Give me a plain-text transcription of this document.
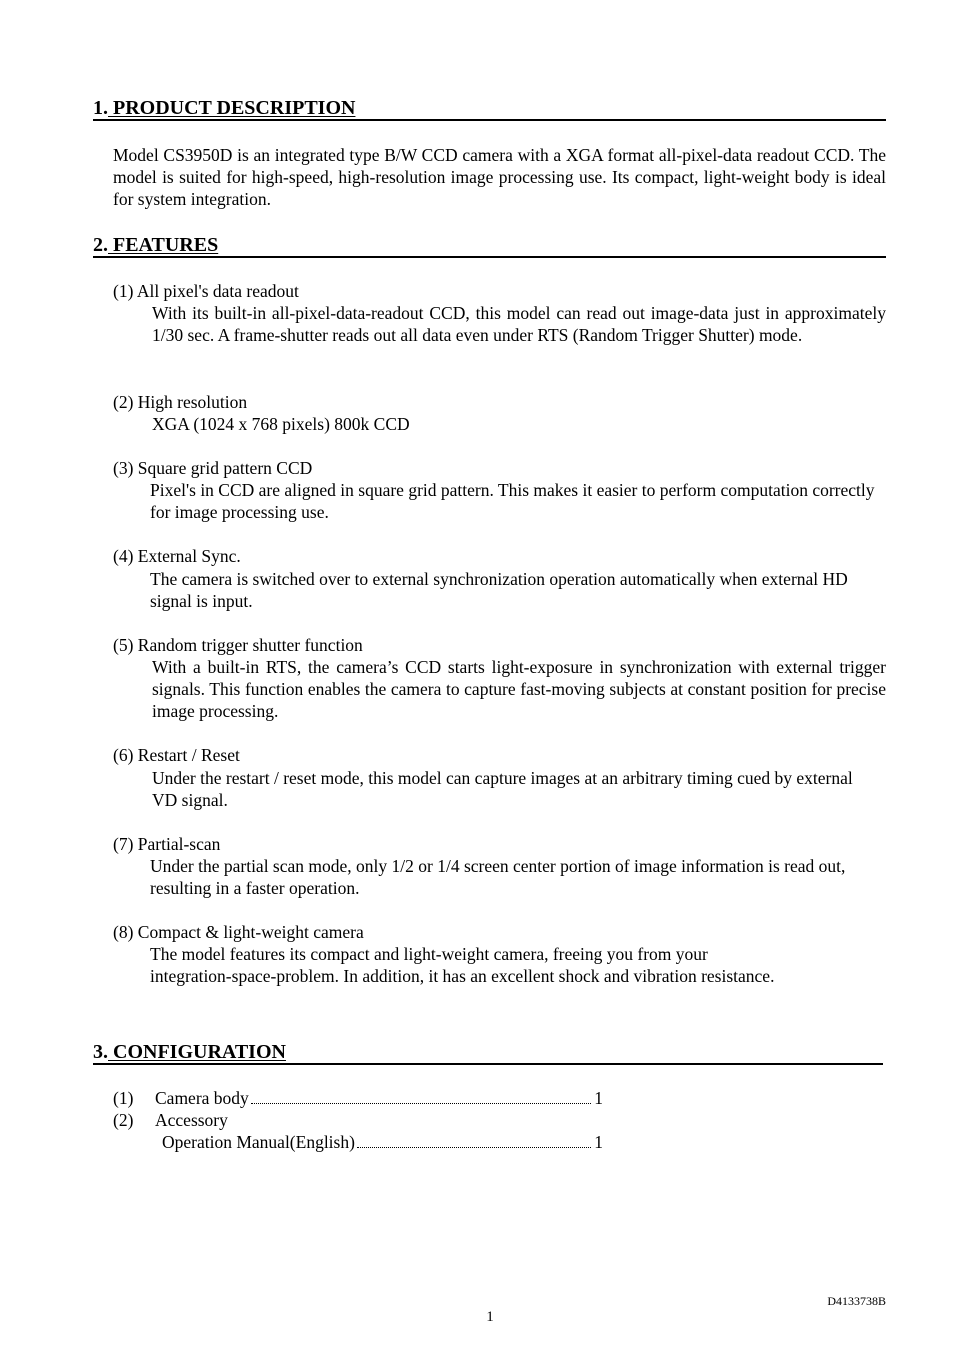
1. PRODUCT DESCRIPTION
Model CS3950D is an integrated type B/W CCD camera with a XGA format all-pixel-data readout CCD. The model is suited for high-speed, high-resolution image processing use. Its compact, light-weight body is ideal for system integration.
2. FEATURES
(1) All pixel's data readout
With its built-in all-pixel-data-readout CCD, this model can read out image-data just in approximately 1/30 sec. A frame-shutter reads out all data even under RTS (Random Trigger Shutter) mode.
(2) High resolution
XGA (1024 x 768 pixels) 800k CCD
(3) Square grid pattern CCD
Pixel's in CCD are aligned in square grid pattern. This makes it easier to perform computation correctly for image processing use.
(4) External Sync.
The camera is switched over to external synchronization operation automatically when external HD signal is input.
(5) Random trigger shutter function
With a built-in RTS, the camera’s CCD starts light-exposure in synchronization with external trigger signals. This function enables the camera to capture fast-moving subjects at constant position for precise image processing.
(6) Restart / Reset
Under the restart / reset mode, this model can capture images at an arbitrary timing cued by external VD signal.
(7) Partial-scan
Under the partial scan mode, only 1/2 or 1/4 screen center portion of image information is read out, resulting in a faster operation.
(8) Compact & light-weight camera
The model features its compact and light-weight camera, freeing you from your
integration-space-problem. In addition, it has an excellent shock and vibration resistance.
3. CONFIGURATION
(1)	Camera body	1
(2)	Accessory
Operation Manual(English)	1
D4133738B
1
